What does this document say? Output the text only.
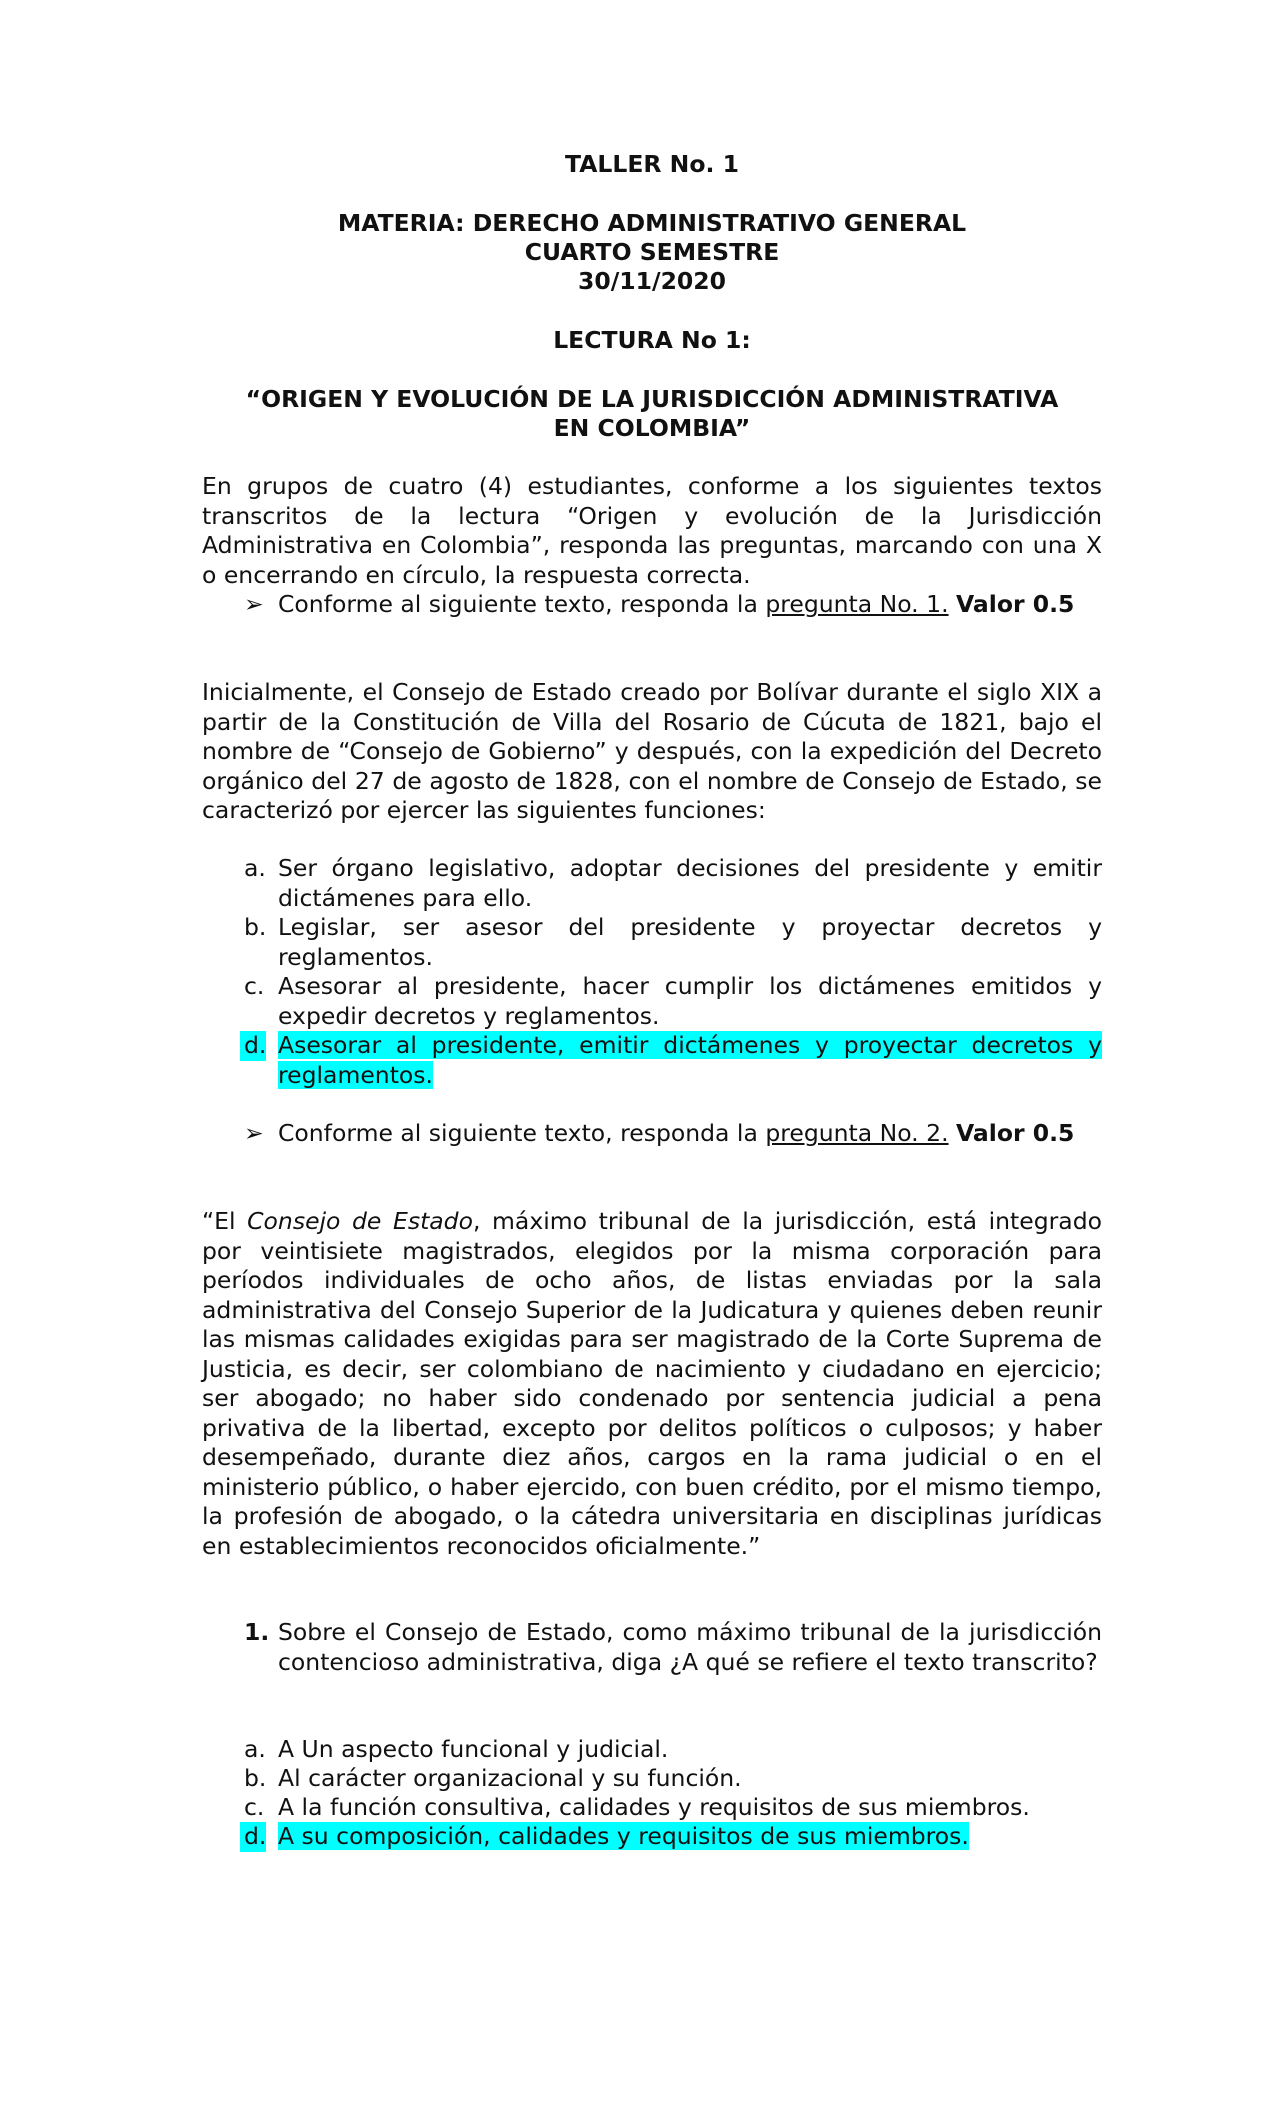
TALLER No. 1
MATERIA: DERECHO ADMINISTRATIVO GENERAL
CUARTO SEMESTRE
30/11/2020
LECTURA No 1:
“ORIGEN Y EVOLUCIÓN DE LA JURISDICCIÓN ADMINISTRATIVA
EN COLOMBIA”
En grupos de cuatro (4) estudiantes, conforme a los siguientes textos transcritos de la lectura “Origen y evolución de la Jurisdicción Administrativa en Colombia”, responda las preguntas, marcando con una X o encerrando en círculo, la respuesta correcta.
➢ Conforme al siguiente texto, responda la pregunta No. 1. Valor 0.5
Inicialmente, el Consejo de Estado creado por Bolívar durante el siglo XIX a partir de la Constitución de Villa del Rosario de Cúcuta de 1821, bajo el nombre de “Consejo de Gobierno” y después, con la expedición del Decreto orgánico del 27 de agosto de 1828, con el nombre de Consejo de Estado, se caracterizó por ejercer las siguientes funciones:
a. Ser órgano legislativo, adoptar decisiones del presidente y emitir dictámenes para ello.
b. Legislar, ser asesor del presidente y proyectar decretos y reglamentos.
c. Asesorar al presidente, hacer cumplir los dictámenes emitidos y expedir decretos y reglamentos.
d. Asesorar al presidente, emitir dictámenes y proyectar decretos y reglamentos.
➢ Conforme al siguiente texto, responda la pregunta No. 2. Valor 0.5
“El Consejo de Estado, máximo tribunal de la jurisdicción, está integrado por veintisiete magistrados, elegidos por la misma corporación para períodos individuales de ocho años, de listas enviadas por la sala administrativa del Consejo Superior de la Judicatura y quienes deben reunir las mismas calidades exigidas para ser magistrado de la Corte Suprema de Justicia, es decir, ser colombiano de nacimiento y ciudadano en ejercicio; ser abogado; no haber sido condenado por sentencia judicial a pena privativa de la libertad, excepto por delitos políticos o culposos; y haber desempeñado, durante diez años, cargos en la rama judicial o en el ministerio público, o haber ejercido, con buen crédito, por el mismo tiempo, la profesión de abogado, o la cátedra universitaria en disciplinas jurídicas en establecimientos reconocidos oficialmente.”
1. Sobre el Consejo de Estado, como máximo tribunal de la jurisdicción contencioso administrativa, diga ¿A qué se refiere el texto transcrito?
a. A Un aspecto funcional y judicial.
b. Al carácter organizacional y su función.
c. A la función consultiva, calidades y requisitos de sus miembros.
d. A su composición, calidades y requisitos de sus miembros.
